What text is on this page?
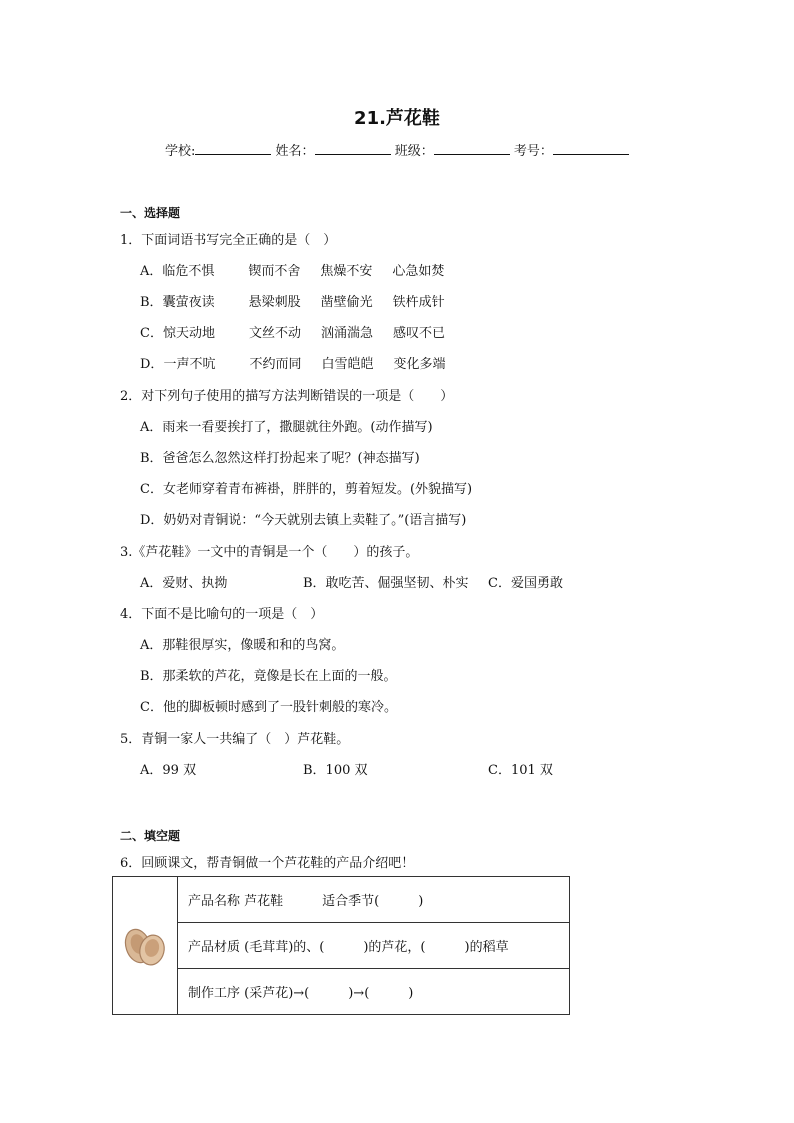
21.芦花鞋
学校:	姓名：	班级：	考号：
一、选择题
1．下面词语书写完全正确的是（　）
A．临危不惧	锲而不舍 焦燥不安 心急如焚
B．囊萤夜读	悬梁刺股 凿壁偷光 铁杵成针
C．惊天动地	文丝不动 汹涌湍急 感叹不已
D．一声不吭	不约而同 白雪皑皑 变化多端
2．对下列句子使用的描写方法判断错误的一项是（　　）
A．雨来一看要挨打了，撒腿就往外跑。(动作描写)
B．爸爸怎么忽然这样打扮起来了呢？(神态描写)
C．女老师穿着青布裤褂，胖胖的，剪着短发。(外貌描写)
D．奶奶对青铜说：“今天就别去镇上卖鞋了。”(语言描写)
3.《芦花鞋》一文中的青铜是一个（　　）的孩子。
A．爱财、执拗	B．敢吃苦、倔强坚韧、朴实 C．爱国勇敢
4．下面不是比喻句的一项是（　）
A．那鞋很厚实，像暖和和的鸟窝。
B．那柔软的芦花，竟像是长在上面的一般。
C．他的脚板顿时感到了一股针刺般的寒冷。
5．青铜一家人一共编了（　）芦花鞋。
A．99 双	B．100 双	C．101 双
二、填空题
6．回顾课文，帮青铜做一个芦花鞋的产品介绍吧！
	产品名称 芦花鞋　　　适合季节(　　　)
产品材质 (毛茸茸)的、(　　　)的芦花，(　　　)的稻草
制作工序 (采芦花)→(　　　)→(　　　)
